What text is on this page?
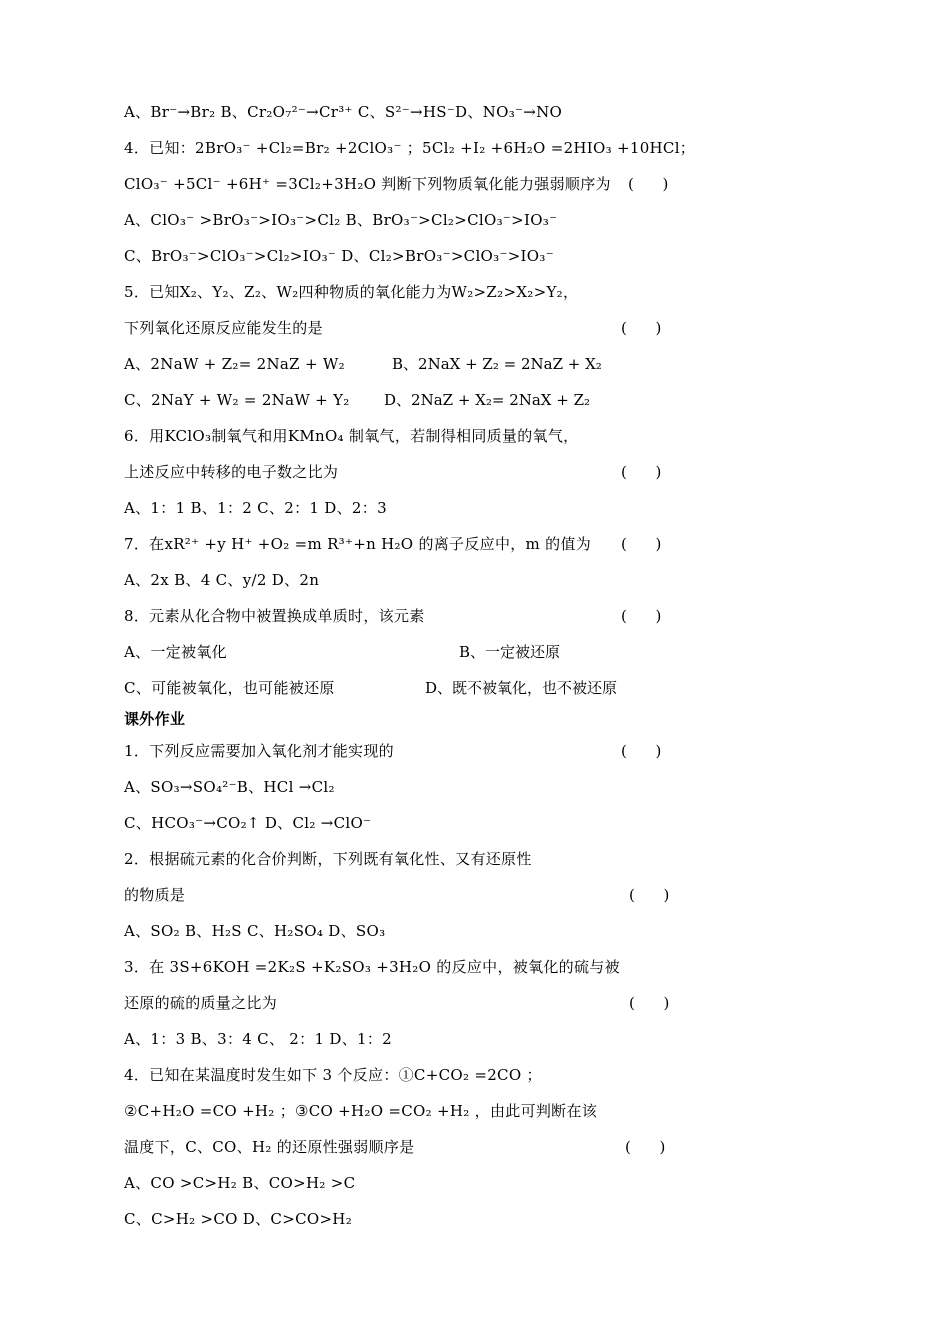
A、Br⁻→Br₂ B、Cr₂O₇²⁻→Cr³⁺ C、S²⁻→HS⁻D、NO₃⁻→NO
4．已知：2BrO₃⁻ +Cl₂=Br₂ +2ClO₃⁻ ；5Cl₂ +I₂ +6H₂O =2HIO₃ +10HCl；
ClO₃⁻ +5Cl⁻ +6H⁺ =3Cl₂+3H₂O 判断下列物质氧化能力强弱顺序为 (      )
A、ClO₃⁻ >BrO₃⁻>IO₃⁻>Cl₂ B、BrO₃⁻>Cl₂>ClO₃⁻>IO₃⁻
C、BrO₃⁻>ClO₃⁻>Cl₂>IO₃⁻ D、Cl₂>BrO₃⁻>ClO₃⁻>IO₃⁻
5．已知X₂、Y₂、Z₂、W₂四种物质的氧化能力为W₂>Z₂>X₂>Y₂，
下列氧化还原反应能发生的是	(      )
A、2NaW + Z₂= 2NaZ + W₂	B、2NaX + Z₂ = 2NaZ + X₂
C、2NaY + W₂ = 2NaW + Y₂ D、2NaZ + X₂= 2NaX + Z₂
6．用KClO₃制氧气和用KMnO₄ 制氧气，若制得相同质量的氧气，
上述反应中转移的电子数之比为	(      )
A、1：1 B、1：2 C、2：1 D、2：3
7．在xR²⁺ +y H⁺ +O₂ =m R³⁺+n H₂O 的离子反应中，m 的值为 (      )
A、2x B、4 C、y/2 D、2n
8．元素从化合物中被置换成单质时，该元素	(      )
A、一定被氧化	B、一定被还原
C、可能被氧化，也可能被还原	D、既不被氧化，也不被还原
课外作业
1．下列反应需要加入氧化剂才能实现的	(      )
A、SO₃→SO₄²⁻B、HCl →Cl₂
C、HCO₃⁻→CO₂↑ D、Cl₂ →ClO⁻
2．根据硫元素的化合价判断，下列既有氧化性、又有还原性
的物质是	(      )
A、SO₂ B、H₂S C、H₂SO₄ D、SO₃
3．在 3S+6KOH =2K₂S +K₂SO₃ +3H₂O 的反应中，被氧化的硫与被
还原的硫的质量之比为	(      )
A、1：3 B、3：4 C、 2：1 D、1：2
4．已知在某温度时发生如下 3 个反应：①C+CO₂ =2CO ；
②C+H₂O =CO +H₂ ；③CO +H₂O =CO₂ +H₂ ，由此可判断在该
温度下，C、CO、H₂ 的还原性强弱顺序是	(      )
A、CO >C>H₂ B、CO>H₂ >C
C、C>H₂ >CO D、C>CO>H₂
